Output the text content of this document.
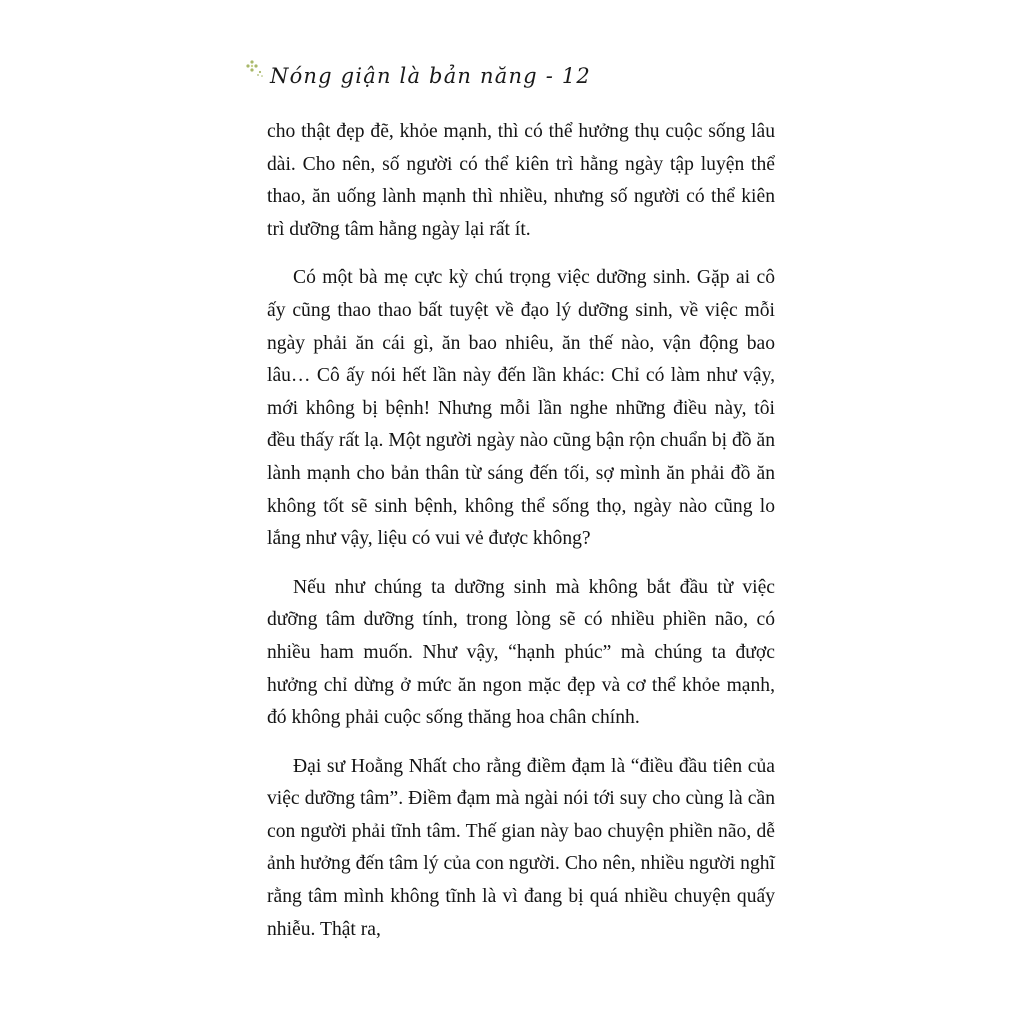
Nóng giận là bản năng - 12

cho thật đẹp đẽ, khỏe mạnh, thì có thể hưởng thụ cuộc sống lâu dài. Cho nên, số người có thể kiên trì hằng ngày tập luyện thể thao, ăn uống lành mạnh thì nhiều, nhưng số người có thể kiên trì dưỡng tâm hằng ngày lại rất ít.

Có một bà mẹ cực kỳ chú trọng việc dưỡng sinh. Gặp ai cô ấy cũng thao thao bất tuyệt về đạo lý dưỡng sinh, về việc mỗi ngày phải ăn cái gì, ăn bao nhiêu, ăn thế nào, vận động bao lâu… Cô ấy nói hết lần này đến lần khác: Chỉ có làm như vậy, mới không bị bệnh! Nhưng mỗi lần nghe những điều này, tôi đều thấy rất lạ. Một người ngày nào cũng bận rộn chuẩn bị đồ ăn lành mạnh cho bản thân từ sáng đến tối, sợ mình ăn phải đồ ăn không tốt sẽ sinh bệnh, không thể sống thọ, ngày nào cũng lo lắng như vậy, liệu có vui vẻ được không?

Nếu như chúng ta dưỡng sinh mà không bắt đầu từ việc dưỡng tâm dưỡng tính, trong lòng sẽ có nhiều phiền não, có nhiều ham muốn. Như vậy, “hạnh phúc” mà chúng ta được hưởng chỉ dừng ở mức ăn ngon mặc đẹp và cơ thể khỏe mạnh, đó không phải cuộc sống thăng hoa chân chính.

Đại sư Hoằng Nhất cho rằng điềm đạm là “điều đầu tiên của việc dưỡng tâm”. Điềm đạm mà ngài nói tới suy cho cùng là cần con người phải tĩnh tâm. Thế gian này bao chuyện phiền não, dễ ảnh hưởng đến tâm lý của con người. Cho nên, nhiều người nghĩ rằng tâm mình không tĩnh là vì đang bị quá nhiều chuyện quấy nhiễu. Thật ra,
